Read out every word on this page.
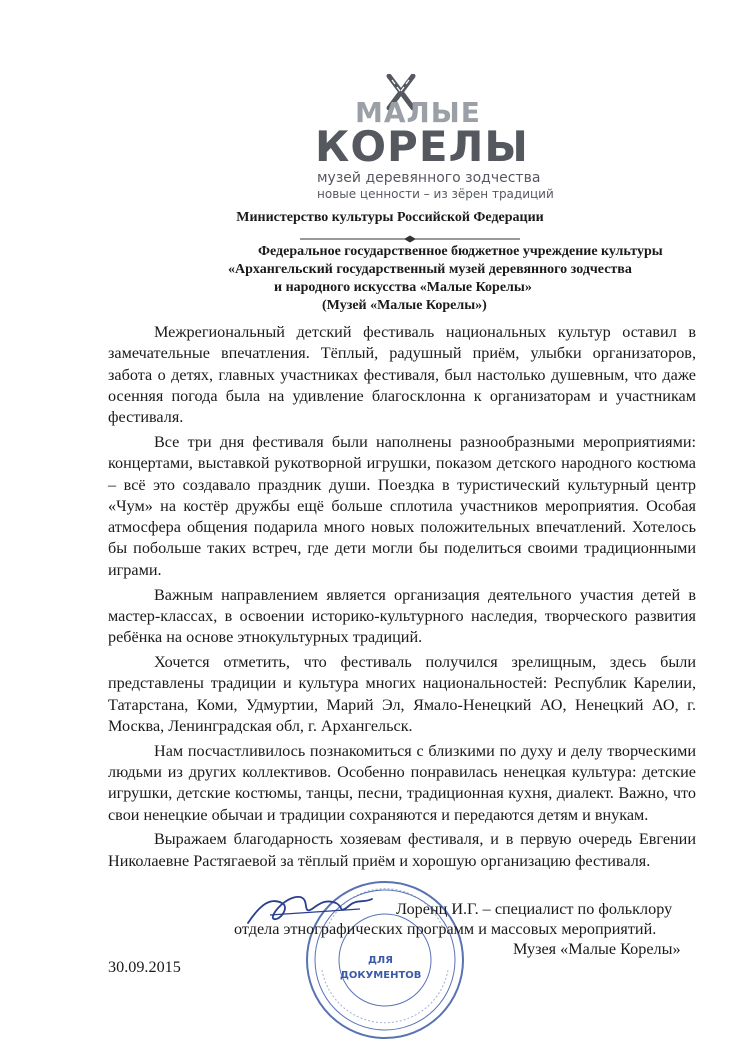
МАЛЫЕ
КОРЕЛЫ
музей деревянного зодчества
новые ценности – из зёрен традиций
Министерство культуры Российской Федерации
Федеральное государственное бюджетное учреждение культуры
«Архангельский государственный музей деревянного зодчества
и народного искусства «Малые Корелы»
(Музей «Малые Корелы»)

Межрегиональный детский фестиваль национальных культур оставил в замечательные впечатления. Тёплый, радушный приём, улыбки организаторов, забота о детях, главных участниках фестиваля, был настолько душевным, что даже осенняя погода была на удивление благосклонна к организаторам и участникам фестиваля.

Все три дня фестиваля были наполнены разнообразными мероприятиями: концертами, выставкой рукотворной игрушки, показом детского народного костюма – всё это создавало праздник души. Поездка в туристический культурный центр «Чум» на костёр дружбы ещё больше сплотила участников мероприятия. Особая атмосфера общения подарила много новых положительных впечатлений. Хотелось бы побольше таких встреч, где дети могли бы поделиться своими традиционными играми.

Важным направлением является организация деятельного участия детей в мастер-классах, в освоении историко-культурного наследия, творческого развития ребёнка на основе этнокультурных традиций.

Хочется отметить, что фестиваль получился зрелищным, здесь были представлены традиции и культура многих национальностей: Республик Карелии, Татарстана, Коми, Удмуртии, Марий Эл, Ямало-Ненецкий АО, Ненецкий АО, г. Москва, Ленинградская обл, г. Архангельск.

Нам посчастливилось познакомиться с близкими по духу и делу творческими людьми из других коллективов. Особенно понравилась ненецкая культура: детские игрушки, детские костюмы, танцы, песни, традиционная кухня, диалект. Важно, что свои ненецкие обычаи и традиции сохраняются и передаются детям и внукам.

Выражаем благодарность хозяевам фестиваля, и в первую очередь Евгении Николаевне Растягаевой за тёплый приём и хорошую организацию фестиваля.

ДЛЯ
ДОКУМЕНТОВ
Лоренц И.Г. – специалист по фольклору
отдела этнографических программ и массовых мероприятий.
Музея «Малые Корелы»
30.09.2015
